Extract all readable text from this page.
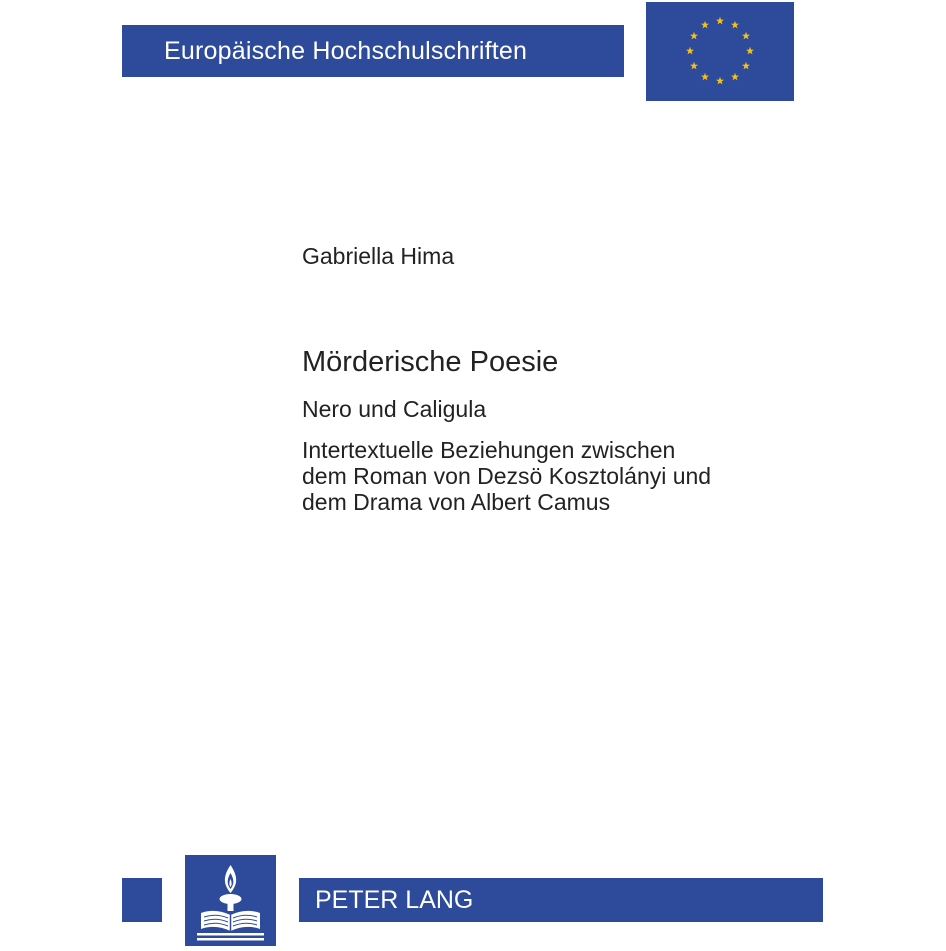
Europäische Hochschulschriften
Gabriella Hima
Mörderische Poesie
Nero und Caligula
Intertextuelle Beziehungen zwischen
dem Roman von Dezsö Kosztolányi und
dem Drama von Albert Camus
PETER LANG
